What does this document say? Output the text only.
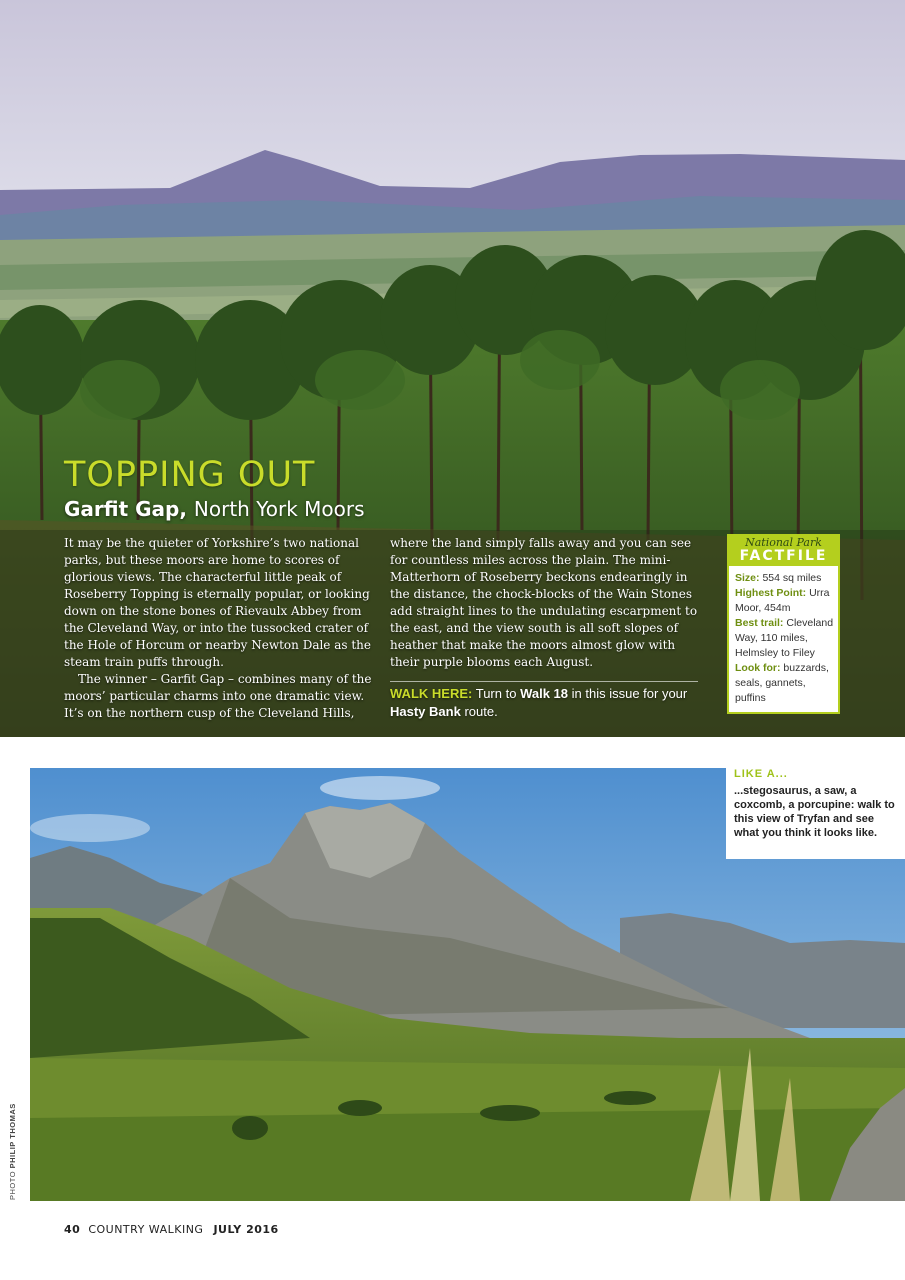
TOPPING OUT
Garfit Gap, North York Moors

It may be the quieter of Yorkshire’s two national parks, but these moors are home to scores of glorious views. The characterful little peak of Roseberry Topping is eternally popular, or looking down on the stone bones of Rievaulx Abbey from the Cleveland Way, or into the tussocked crater of the Hole of Horcum or nearby Newton Dale as the steam train puffs through.

The winner – Garfit Gap – combines many of the moors’ particular charms into one dramatic view. It’s on the northern cusp of the Cleveland Hills,

where the land simply falls away and you can see for countless miles across the plain. The mini-Matterhorn of Roseberry beckons endearingly in the distance, the chock-blocks of the Wain Stones add straight lines to the undulating escarpment to the east, and the view south is all soft slopes of heather that make the moors almost glow with their purple blooms each August.

WALK HERE: Turn to Walk 18 in this issue for your Hasty Bank route.
National Park
FACTFILE
Size: 554 sq miles
Highest Point: Urra Moor, 454m
Best trail: Cleveland Way, 110 miles, Helmsley to Filey
Look for: buzzards, seals, gannets, puffins
LIKE A...
...stegosaurus, a saw, a coxcomb, a porcupine: walk to this view of Tryfan and see what you think it looks like.
PHOTO PHILIP THOMAS
40 COUNTRY WALKING JULY 2016
